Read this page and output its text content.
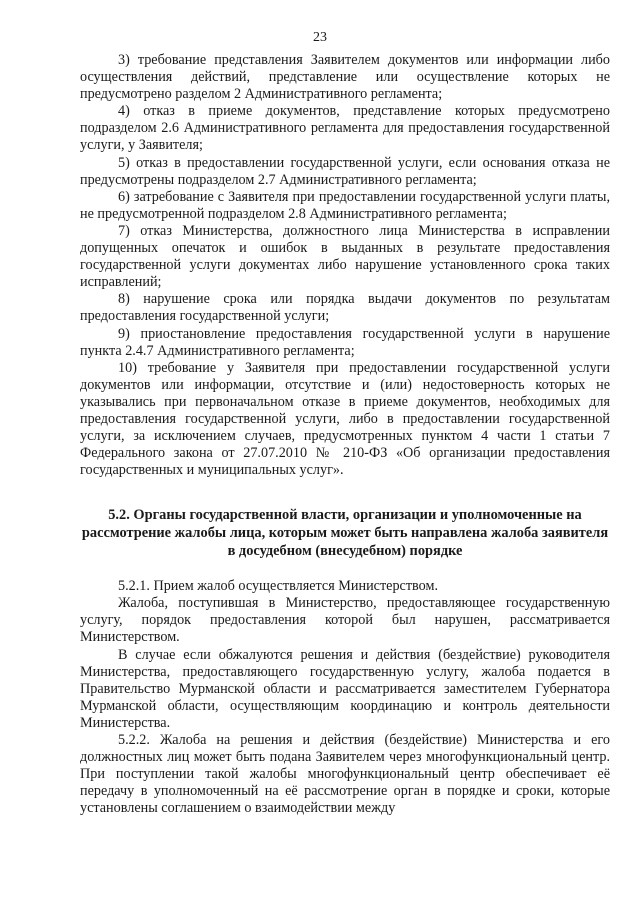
23

3) требование представления Заявителем документов или информации либо осуществления действий, представление или осуществление которых не предусмотрено разделом 2 Административного регламента;

4) отказ в приеме документов, представление которых предусмотрено подразделом 2.6 Административного регламента для предоставления государственной услуги, у Заявителя;

5) отказ в предоставлении государственной услуги, если основания отказа не предусмотрены подразделом 2.7 Административного регламента;

6) затребование с Заявителя при предоставлении государственной услуги платы, не предусмотренной подразделом 2.8 Административного регламента;

7) отказ Министерства, должностного лица Министерства в исправлении допущенных опечаток и ошибок в выданных в результате предоставления государственной услуги документах либо нарушение установленного срока таких исправлений;

8) нарушение срока или порядка выдачи документов по результатам предоставления государственной услуги;

9) приостановление предоставления государственной услуги в нарушение пункта 2.4.7 Административного регламента;

10) требование у Заявителя при предоставлении государственной услуги документов или информации, отсутствие и (или) недостоверность которых не указывались при первоначальном отказе в приеме документов, необходимых для предоставления государственной услуги, либо в предоставлении государственной услуги, за исключением случаев, предусмотренных пунктом 4 части 1 статьи 7 Федерального закона от 27.07.2010 № 210-ФЗ «Об организации предоставления государственных и муниципальных услуг».

5.2. Органы государственной власти, организации и уполномоченные на рассмотрение жалобы лица, которым может быть направлена жалоба заявителя в досудебном (внесудебном) порядке

5.2.1. Прием жалоб осуществляется Министерством.

Жалоба, поступившая в Министерство, предоставляющее государственную услугу, порядок предоставления которой был нарушен, рассматривается Министерством.

В случае если обжалуются решения и действия (бездействие) руководителя Министерства, предоставляющего государственную услугу, жалоба подается в Правительство Мурманской области и рассматривается заместителем Губернатора Мурманской области, осуществляющим координацию и контроль деятельности Министерства.

5.2.2. Жалоба на решения и действия (бездействие) Министерства и его должностных лиц может быть подана Заявителем через многофункциональный центр. При поступлении такой жалобы многофункциональный центр обеспечивает её передачу в уполномоченный на её рассмотрение орган в порядке и сроки, которые установлены соглашением о взаимодействии между
